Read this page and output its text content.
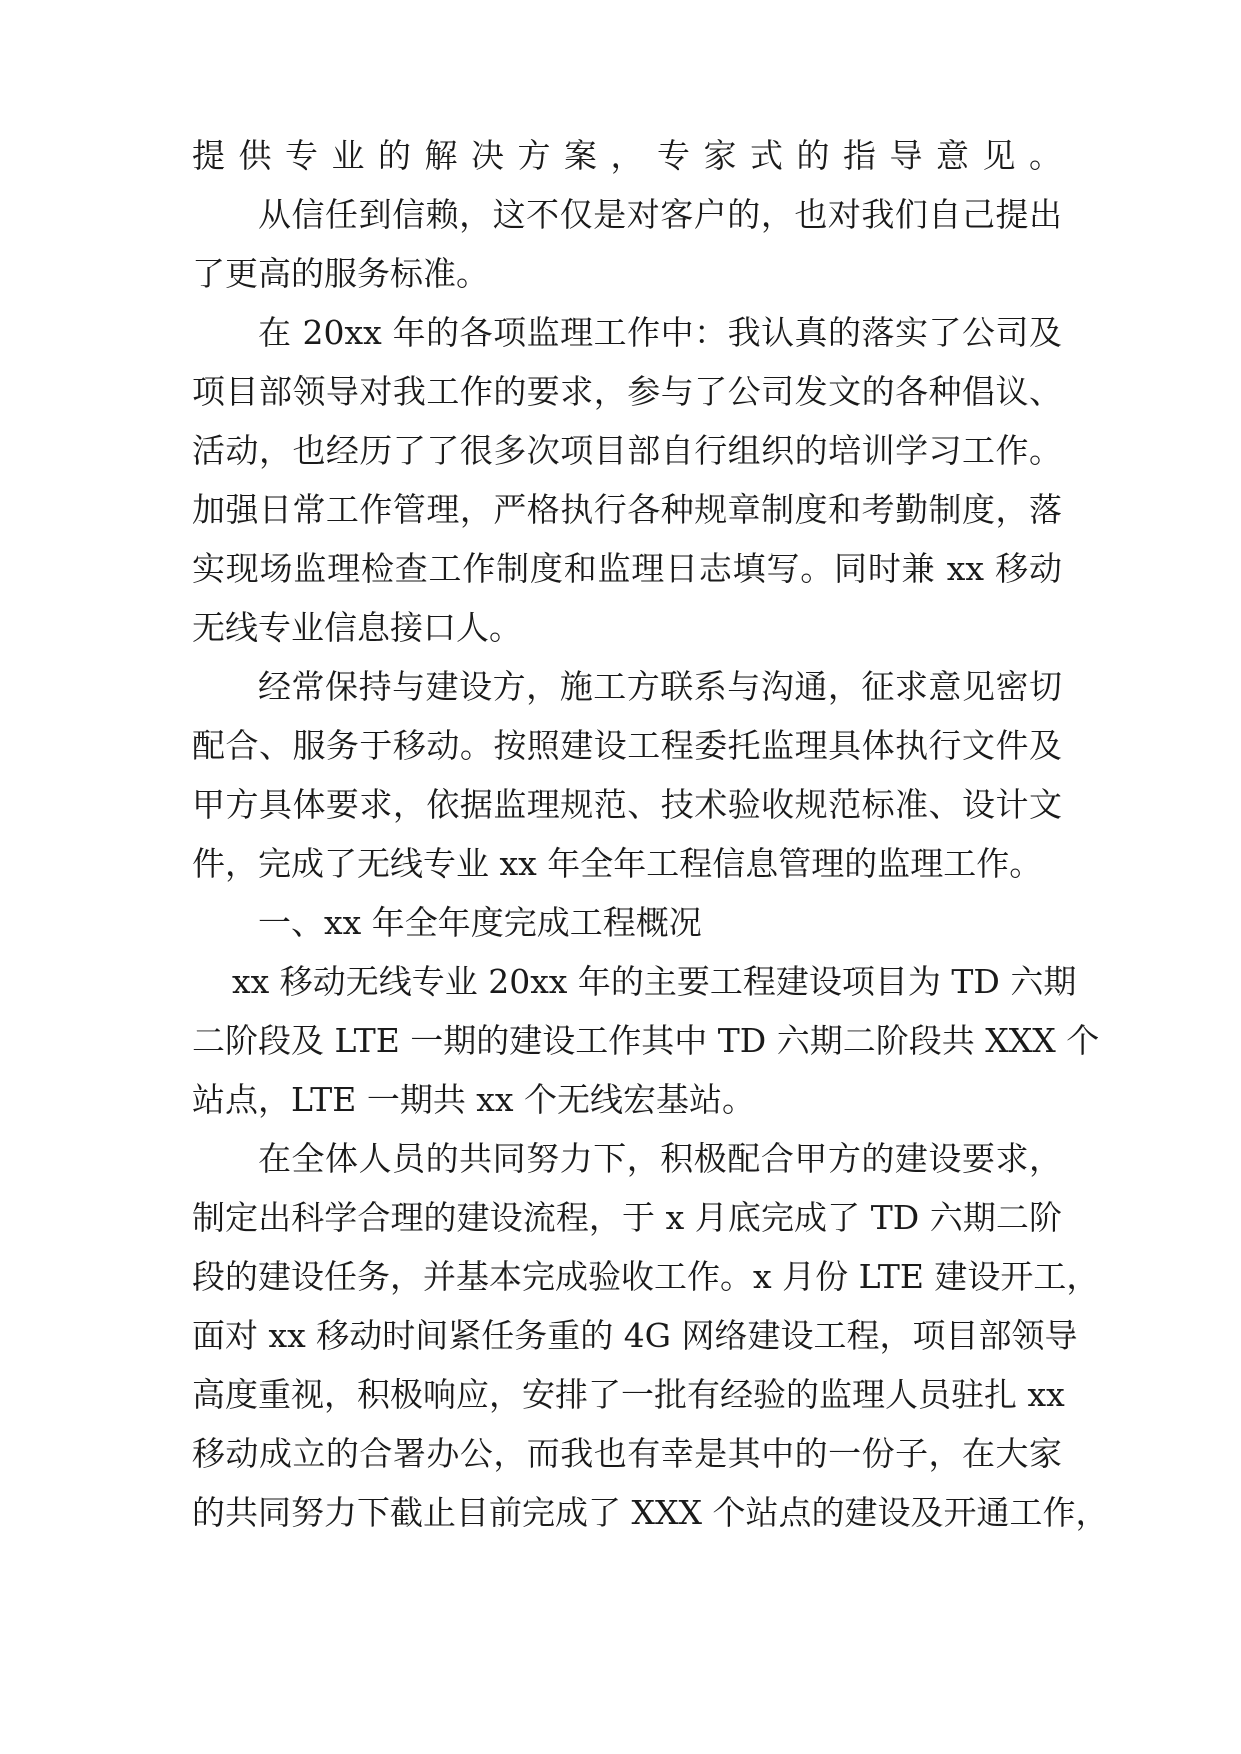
提供专业的解决方案，专家式的指导意见。
从信任到信赖，这不仅是对客户的，也对我们自己提出
了更高的服务标准。
在 20xx 年的各项监理工作中：我认真的落实了公司及
项目部领导对我工作的要求，参与了公司发文的各种倡议、
活动，也经历了了很多次项目部自行组织的培训学习工作。
加强日常工作管理，严格执行各种规章制度和考勤制度，落
实现场监理检查工作制度和监理日志填写。同时兼 xx 移动
无线专业信息接口人。
经常保持与建设方，施工方联系与沟通，征求意见密切
配合、服务于移动。按照建设工程委托监理具体执行文件及
甲方具体要求，依据监理规范、技术验收规范标准、设计文
件，完成了无线专业 xx 年全年工程信息管理的监理工作。
一、xx 年全年度完成工程概况
xx 移动无线专业 20xx 年的主要工程建设项目为 TD 六期
二阶段及 LTE 一期的建设工作其中 TD 六期二阶段共 XXX 个
站点，LTE 一期共 xx 个无线宏基站。
在全体人员的共同努力下，积极配合甲方的建设要求，
制定出科学合理的建设流程，于 x 月底完成了 TD 六期二阶
段的建设任务，并基本完成验收工作。x 月份 LTE 建设开工，
面对 xx 移动时间紧任务重的 4G 网络建设工程，项目部领导
高度重视，积极响应，安排了一批有经验的监理人员驻扎 xx
移动成立的合署办公，而我也有幸是其中的一份子，在大家
的共同努力下截止目前完成了 XXX 个站点的建设及开通工作，
